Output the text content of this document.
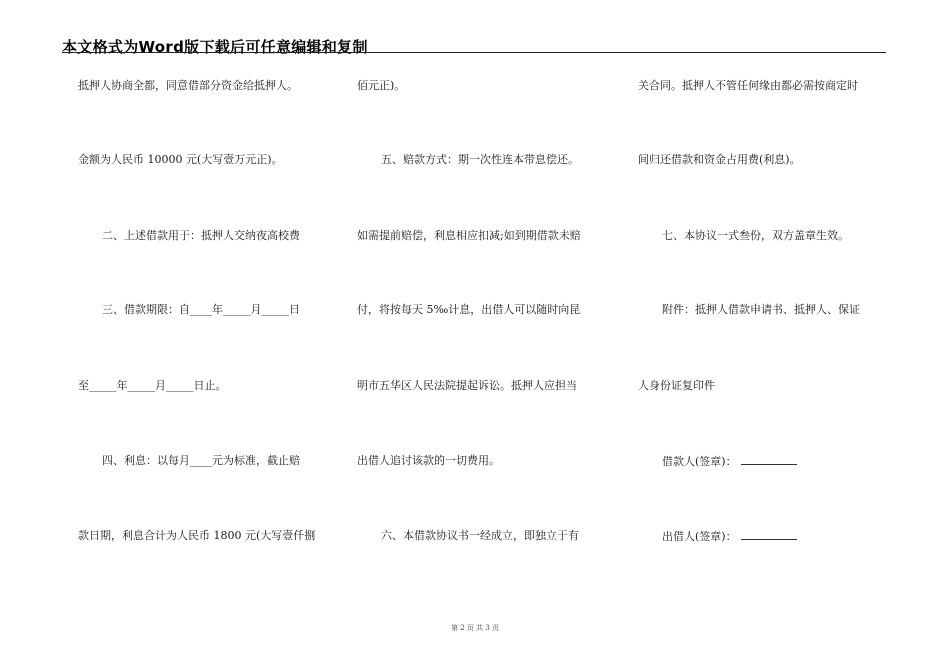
本文格式为Word版下载后可任意编辑和复制
抵押人协商全都，同意借部分资金给抵押人。
金额为人民币 10000 元(大写壹万元正)。
二、上述借款用于：抵押人交纳夜高校费
三、借款期限：自____年_____月_____日
至_____年_____月_____日止。
四、利息：以每月____元为标准，截止赔
款日期，利息合计为人民币 1800 元(大写壹仟捌
佰元正)。
五、赔款方式：期一次性连本带息偿还。
如需提前赔偿，利息相应扣减;如到期借款未赔
付，将按每天 5‰计息，出借人可以随时向昆
明市五华区人民法院提起诉讼。抵押人应担当
出借人追讨该款的一切费用。
六、本借款协议书一经成立，即独立于有
关合同。抵押人不管任何缘由都必需按商定时
间归还借款和资金占用费(利息)。
七、本协议一式叁份，双方盖章生效。
附件：抵押人借款申请书、抵押人、保证
人身份证复印件
借款人(签章)：
出借人(签章)：
第 2 页 共 3 页
